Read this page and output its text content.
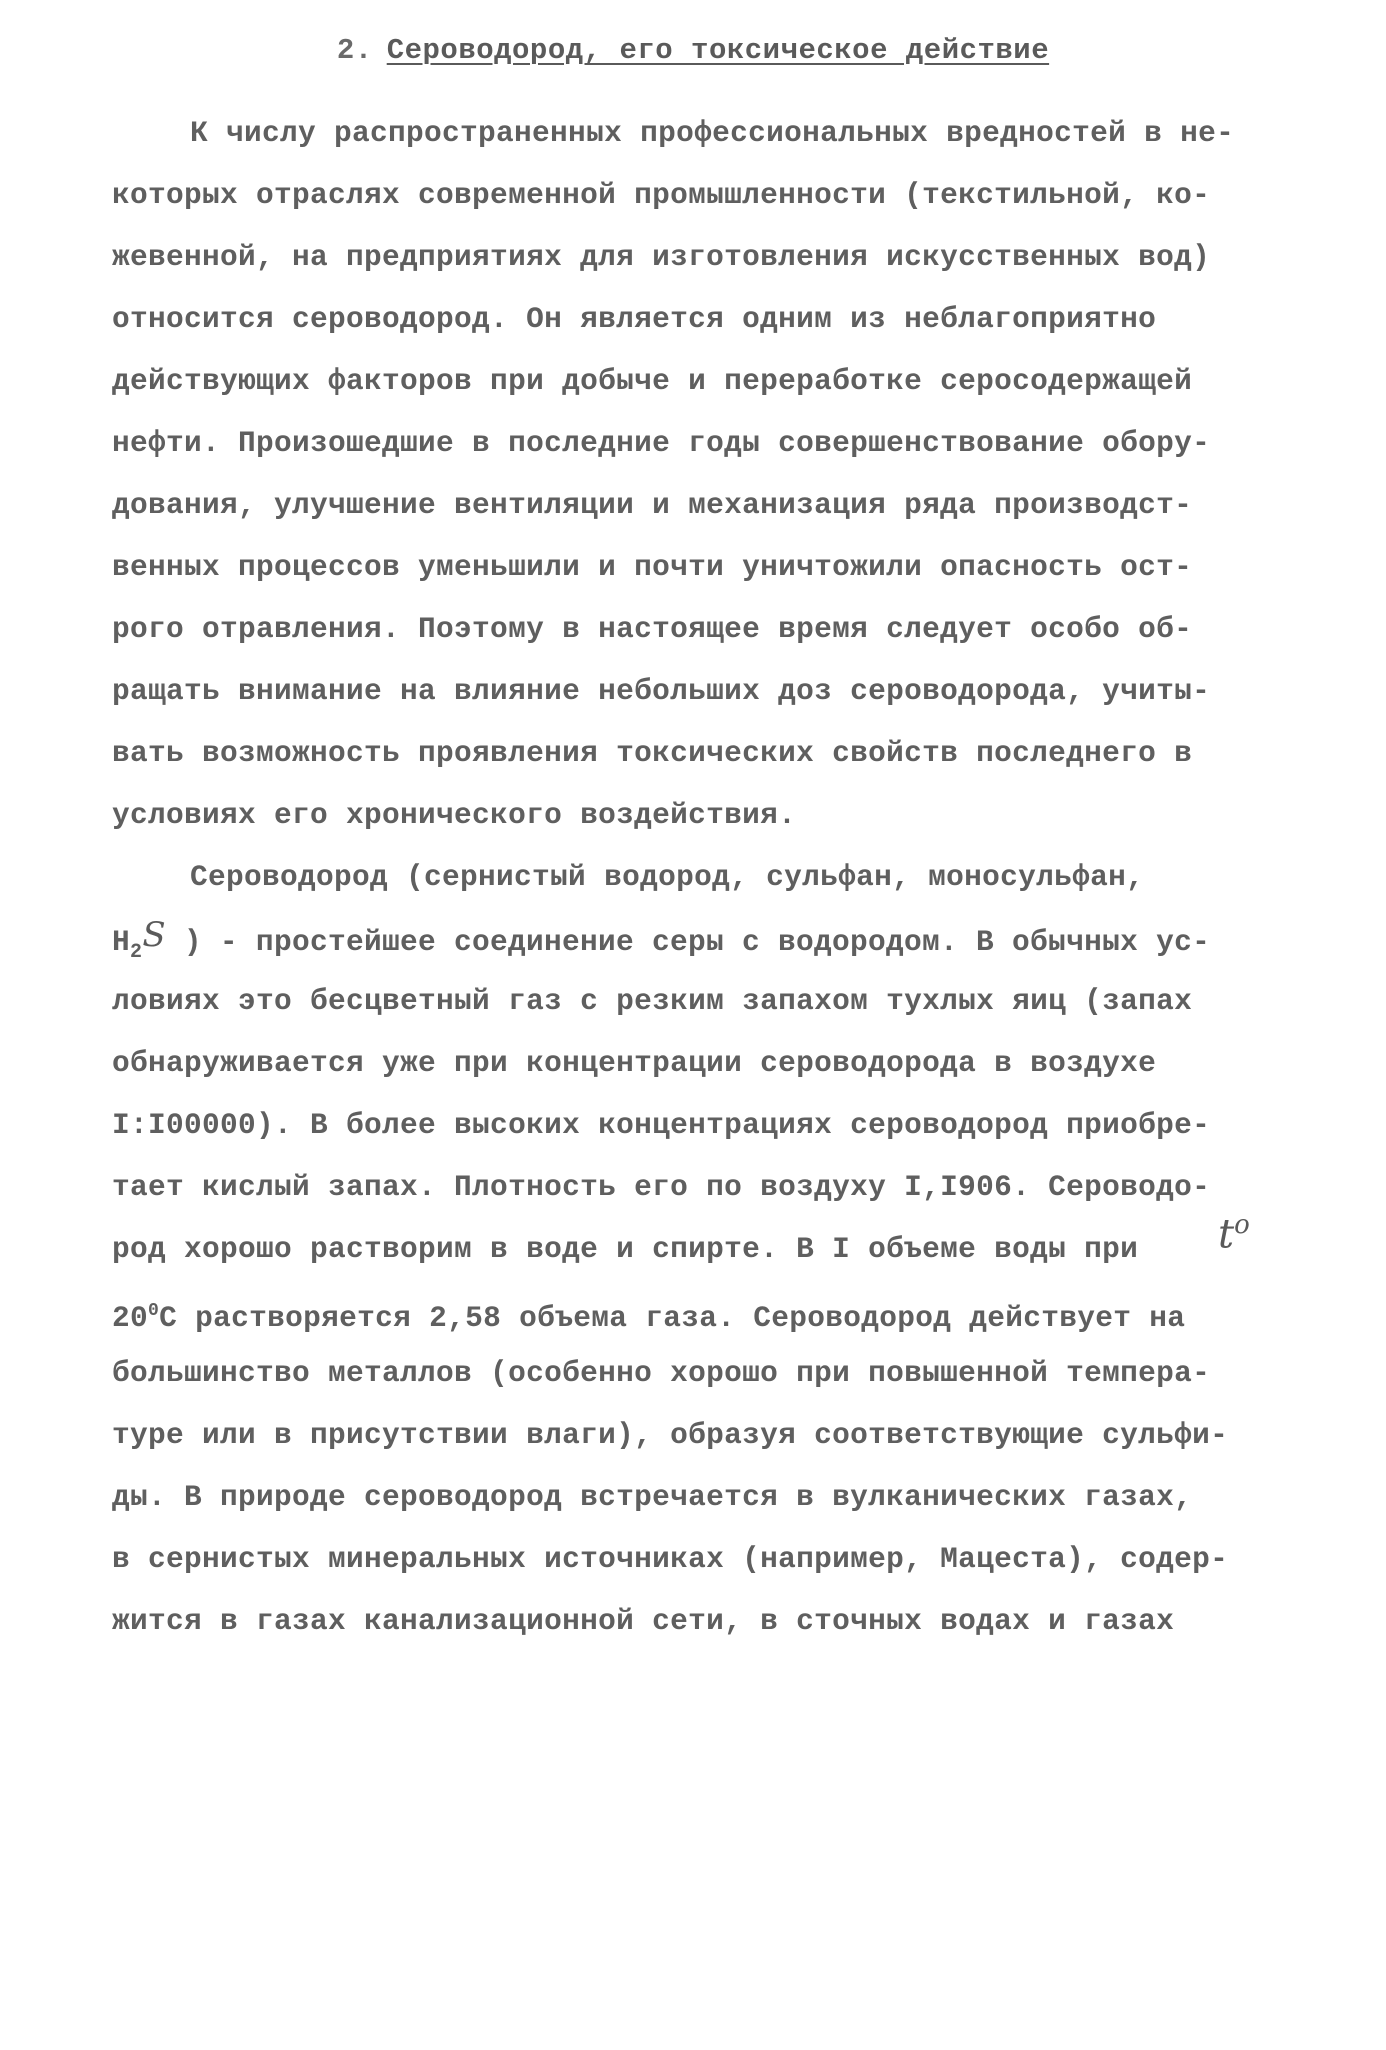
2. Сероводород, его токсическое действие
К числу распространенных профессиональных вредностей в не-
которых отраслях современной промышленности (текстильной, ко-
жевенной, на предприятиях для изготовления искусственных вод)
относится сероводород. Он является одним из неблагоприятно
действующих факторов при добыче и переработке серосодержащей
нефти. Произошедшие в последние годы совершенствование обору-
дования, улучшение вентиляции и механизация ряда производст-
венных процессов уменьшили и почти уничтожили опасность ост-
рого отравления. Поэтому в настоящее время следует особо об-
ращать внимание на влияние небольших доз сероводорода, учиты-
вать возможность проявления токсических свойств последнего в
условиях его хронического воздействия.
Сероводород (сернистый водород, сульфан, моносульфан,
$H_2S$ ) - простейшее соединение серы с водородом. В обычных ус-
ловиях это бесцветный газ с резким запахом тухлых яиц (запах
обнаруживается уже при концентрации сероводорода в воздухе
I:I00000). В более высоких концентрациях сероводород приобре-
тает кислый запах. Плотность его по воздуху I,I906. Сероводо-
род хорошо растворим в воде и спирте. В I объеме воды при
$20^0С$ растворяется 2,58 объема газа. Сероводород действует на
большинство металлов (особенно хорошо при повышенной темпера-
туре или в присутствии влаги), образуя соответствующие сульфи-
ды. В природе сероводород встречается в вулканических газах,
в сернистых минеральных источниках (например, Мацеста), содер-
жится в газах канализационной сети, в сточных водах и газах
$t^o$
